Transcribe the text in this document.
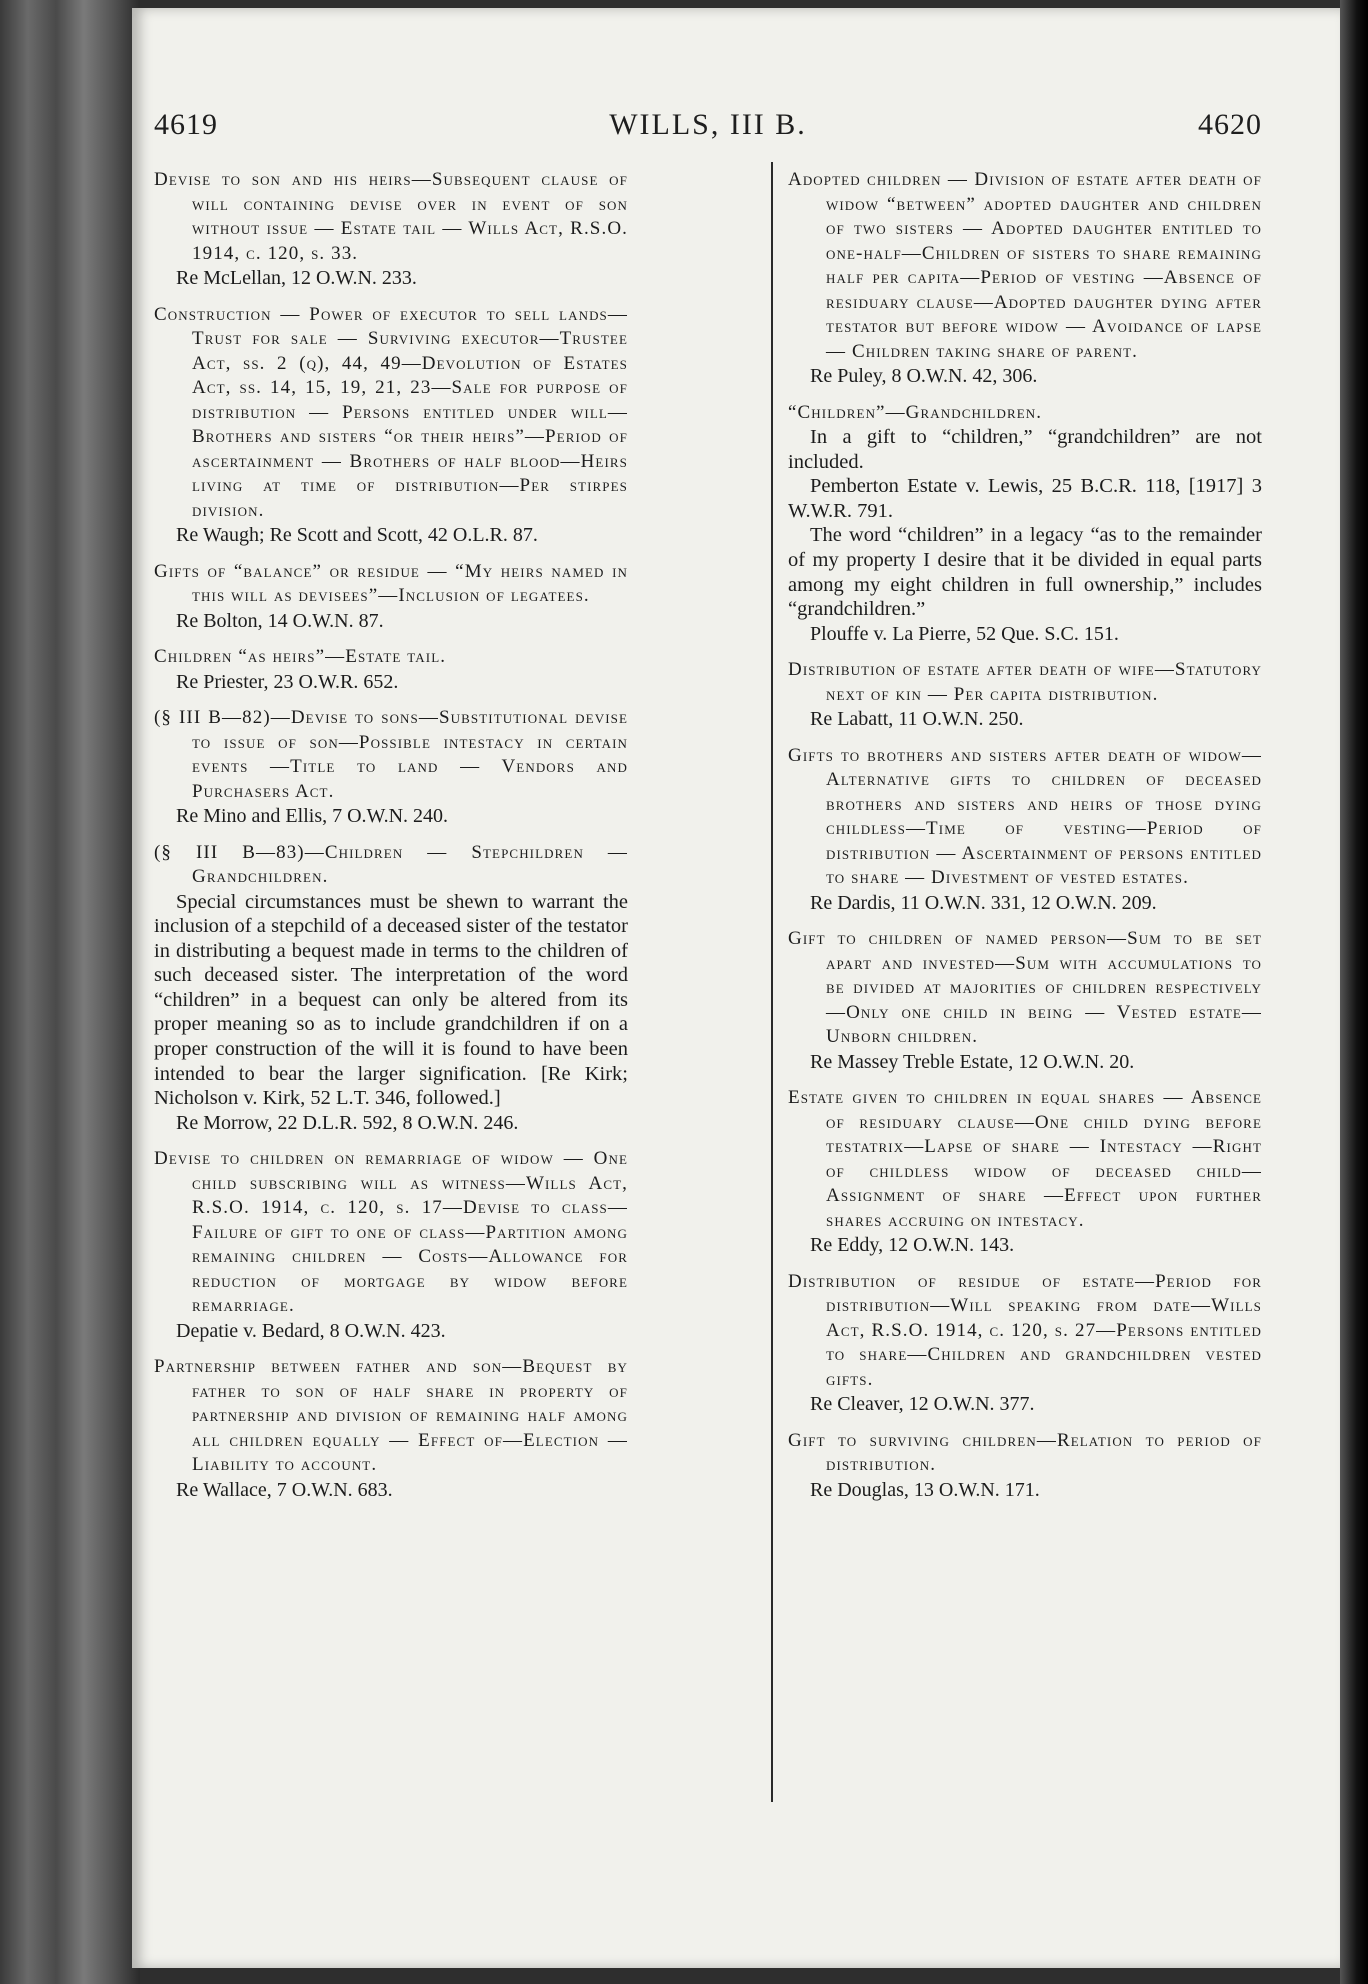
4619	WILLS, III B.	4620
Devise to son and his heirs—Subsequent clause of will containing devise over in event of son without issue — Estate tail — Wills Act, R.S.O. 1914, c. 120, s. 33.
Re McLellan, 12 O.W.N. 233.
Construction — Power of executor to sell lands—Trust for sale — Surviving executor—Trustee Act, ss. 2 (q), 44, 49—Devolution of Estates Act, ss. 14, 15, 19, 21, 23—Sale for purpose of distribution — Persons entitled under will—Brothers and sisters “or their heirs”—Period of ascertainment — Brothers of half blood—Heirs living at time of distribution—Per stirpes division.
Re Waugh; Re Scott and Scott, 42 O.L.R. 87.
Gifts of “balance” or residue — “My heirs named in this will as devisees”—Inclusion of legatees.
Re Bolton, 14 O.W.N. 87.
Children “as heirs”—Estate tail.
Re Priester, 23 O.W.R. 652.
(§ III B—82)—Devise to sons—Substitutional devise to issue of son—Possible intestacy in certain events —Title to land — Vendors and Purchasers Act.
Re Mino and Ellis, 7 O.W.N. 240.
(§ III B—83)—Children — Stepchildren —Grandchildren.
Special circumstances must be shewn to warrant the inclusion of a stepchild of a deceased sister of the testator in distributing a bequest made in terms to the children of such deceased sister. The interpretation of the word “children” in a bequest can only be altered from its proper meaning so as to include grandchildren if on a proper construction of the will it is found to have been intended to bear the larger signification. [Re Kirk; Nicholson v. Kirk, 52 L.T. 346, followed.]
Re Morrow, 22 D.L.R. 592, 8 O.W.N. 246.
Devise to children on remarriage of widow — One child subscribing will as witness—Wills Act, R.S.O. 1914, c. 120, s. 17—Devise to class—Failure of gift to one of class—Partition among remaining children — Costs—Allowance for reduction of mortgage by widow before remarriage.
Depatie v. Bedard, 8 O.W.N. 423.
Partnership between father and son—Bequest by father to son of half share in property of partnership and division of remaining half among all children equally — Effect of—Election — Liability to account.
Re Wallace, 7 O.W.N. 683.
Adopted children — Division of estate after death of widow “between” adopted daughter and children of two sisters — Adopted daughter entitled to one-half—Children of sisters to share remaining half per capita—Period of vesting —Absence of residuary clause—Adopted daughter dying after testator but before widow — Avoidance of lapse — Children taking share of parent.
Re Puley, 8 O.W.N. 42, 306.
“Children”—Grandchildren.
In a gift to “children,” “grandchildren” are not included.
Pemberton Estate v. Lewis, 25 B.C.R. 118, [1917] 3 W.W.R. 791.
The word “children” in a legacy “as to the remainder of my property I desire that it be divided in equal parts among my eight children in full ownership,” includes “grandchildren.”
Plouffe v. La Pierre, 52 Que. S.C. 151.
Distribution of estate after death of wife—Statutory next of kin — Per capita distribution.
Re Labatt, 11 O.W.N. 250.
Gifts to brothers and sisters after death of widow—Alternative gifts to children of deceased brothers and sisters and heirs of those dying childless—Time of vesting—Period of distribution — Ascertainment of persons entitled to share — Divestment of vested estates.
Re Dardis, 11 O.W.N. 331, 12 O.W.N. 209.
Gift to children of named person—Sum to be set apart and invested—Sum with accumulations to be divided at majorities of children respectively —Only one child in being — Vested estate—Unborn children.
Re Massey Treble Estate, 12 O.W.N. 20.
Estate given to children in equal shares — Absence of residuary clause—One child dying before testatrix—Lapse of share — Intestacy —Right of childless widow of deceased child—Assignment of share —Effect upon further shares accruing on intestacy.
Re Eddy, 12 O.W.N. 143.
Distribution of residue of estate—Period for distribution—Will speaking from date—Wills Act, R.S.O. 1914, c. 120, s. 27—Persons entitled to share—Children and grandchildren vested gifts.
Re Cleaver, 12 O.W.N. 377.
Gift to surviving children—Relation to period of distribution.
Re Douglas, 13 O.W.N. 171.
